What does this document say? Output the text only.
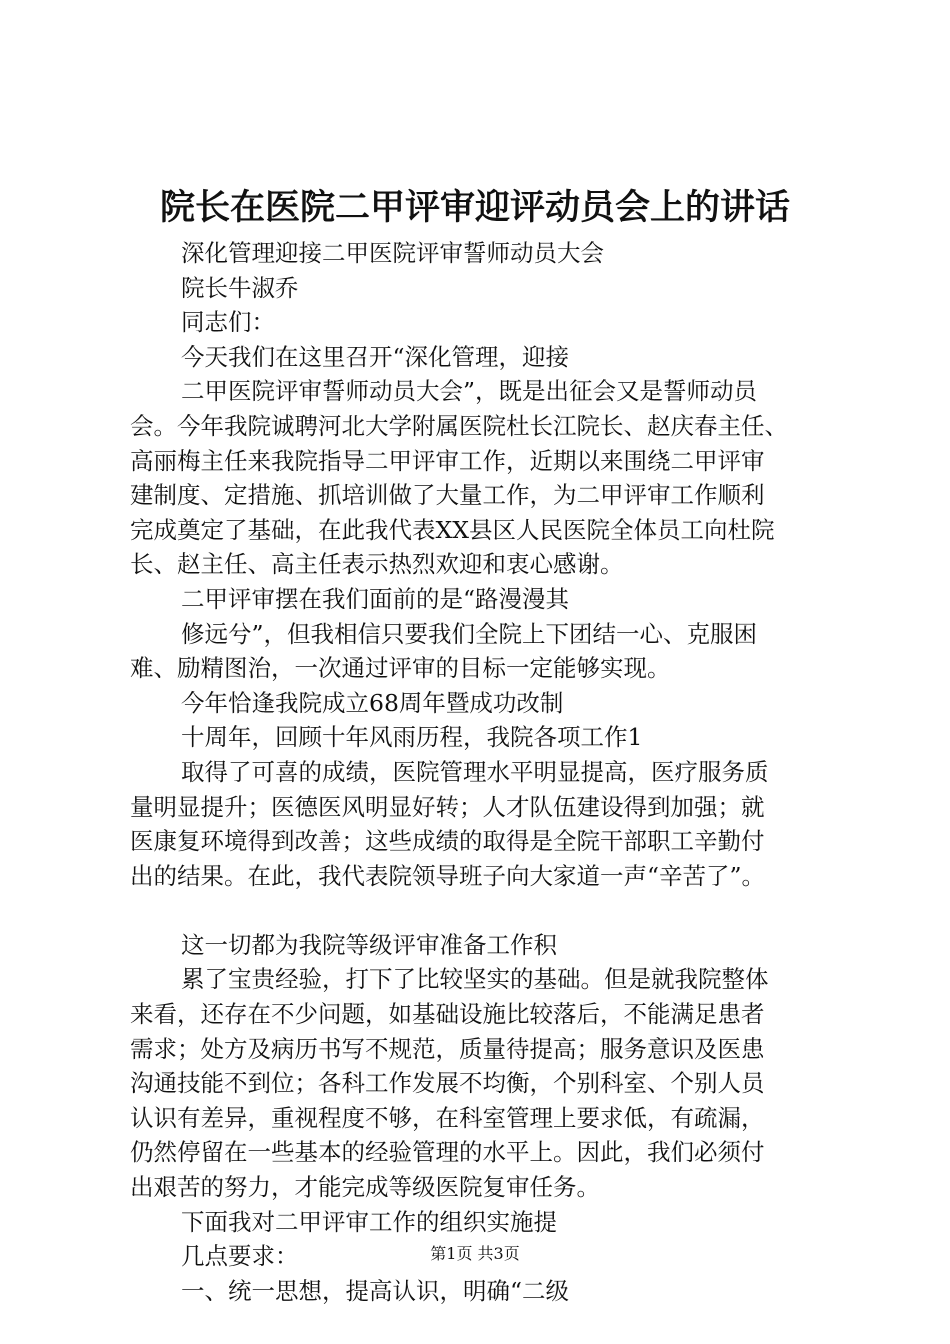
院长在医院二甲评审迎评动员会上的讲话
深化管理迎接二甲医院评审誓师动员大会
院长牛淑乔
同志们：
今天我们在这里召开“深化管理，迎接
二甲医院评审誓师动员大会”，既是出征会又是誓师动员
会。今年我院诚聘河北大学附属医院杜长江院长、赵庆春主任、
高丽梅主任来我院指导二甲评审工作，近期以来围绕二甲评审
建制度、定措施、抓培训做了大量工作，为二甲评审工作顺利
完成奠定了基础，在此我代表XX县区人民医院全体员工向杜院
长、赵主任、高主任表示热烈欢迎和衷心感谢。
二甲评审摆在我们面前的是“路漫漫其
修远兮”，但我相信只要我们全院上下团结一心、克服困
难、励精图治，一次通过评审的目标一定能够实现。
今年恰逢我院成立68周年暨成功改制
十周年，回顾十年风雨历程，我院各项工作1
取得了可喜的成绩，医院管理水平明显提高，医疗服务质
量明显提升；医德医风明显好转；人才队伍建设得到加强；就
医康复环境得到改善；这些成绩的取得是全院干部职工辛勤付
出的结果。在此，我代表院领导班子向大家道一声“辛苦了”。
这一切都为我院等级评审准备工作积
累了宝贵经验，打下了比较坚实的基础。但是就我院整体
来看，还存在不少问题，如基础设施比较落后，不能满足患者
需求；处方及病历书写不规范，质量待提高；服务意识及医患
沟通技能不到位；各科工作发展不均衡，个别科室、个别人员
认识有差异，重视程度不够，在科室管理上要求低，有疏漏，
仍然停留在一些基本的经验管理的水平上。因此，我们必须付
出艰苦的努力，才能完成等级医院复审任务。
下面我对二甲评审工作的组织实施提
几点要求：
一、统一思想，提高认识，明确“二级
第1页 共3页
